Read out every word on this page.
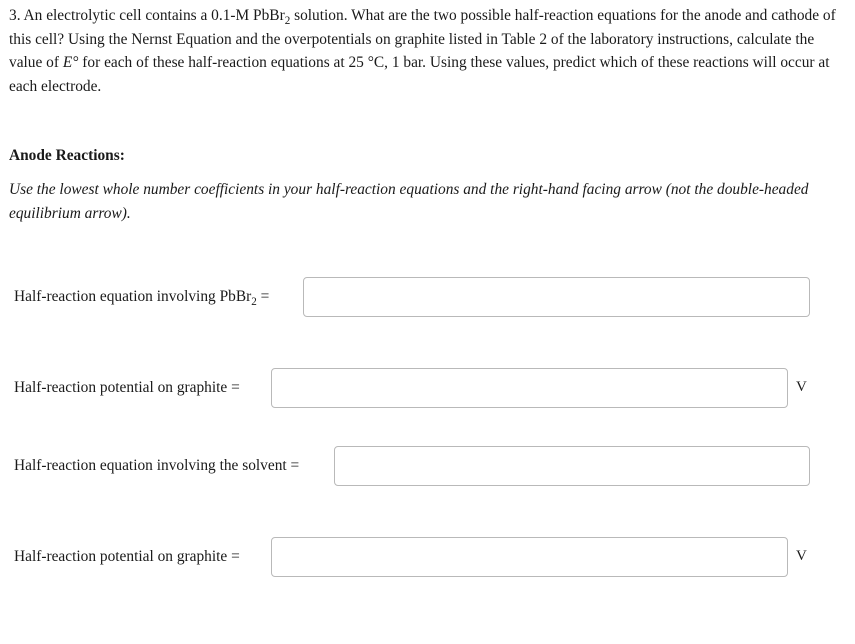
3. An electrolytic cell contains a 0.1-M PbBr$_2$ solution. What are the two possible half-reaction equations for the anode and cathode of this cell? Using the Nernst Equation and the overpotentials on graphite listed in Table 2 of the laboratory instructions, calculate the value of E° for each of these half-reaction equations at 25 °C, 1 bar. Using these values, predict which of these reactions will occur at each electrode.
Anode Reactions:
Use the lowest whole number coefficients in your half-reaction equations and the right-hand facing arrow (not the double-headed equilibrium arrow).
Half-reaction equation involving PbBr$_2$ =
Half-reaction potential on graphite =	V
Half-reaction equation involving the solvent =
Half-reaction potential on graphite =	V
